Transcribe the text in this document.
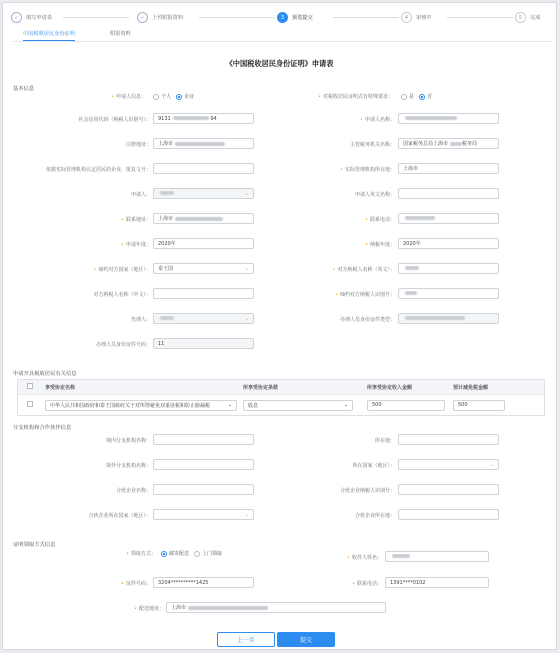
✓	填写申请表	✓	上传附报资料	3	预览提交	4	审核中	5	完成
中国税收居民身份证明	附报资料
《中国税收居民身份证明》申请表
基本信息
• 申请人信息：	个人	企业	• 对税收居民证明式有特殊要求：	是	否
社会信用代码（纳税人识别号）： 9131	94	• 申请人名称：
注册地址： 上海市	主管税务机关名称： 国家税务总局上海市	税务局
依据实际管理机构认定居民的企业，批复文号：	• 实际管理机构所在地： 上海市
申请人：	⌄	申请人英文名称：
• 联系地址： 上海市	• 联系电话：
• 申请年度： 2020年	• 纳税年度： 2020年
• 缔约对方国家（地区）： 泰王国	⌄	• 对方纳税人名称（英文）：
对方纳税人名称（中文）：	• 缔约对方纳税人识别号：
代理人：	⌄	办理人员身份证件类型：
办理人员身份证件号码： 11
申请开具税收居民有关信息
享受协定名称	所享受协定条款	所享受协定收入金额	预计减免税金额
中华人民共和国政府和泰王国政府关于对所得避免双重征税和防止偷漏税	⌄	股息	⌄	500	500
分支机构和合作伙伴信息
境内分支机构名称：	所在地：
境外分支机构名称：	所在国家（地区）：	⌄
合伙企业名称：	合伙企业纳税人识别号：
合伙企业所在国家（地区）：	⌄	合伙企业所在地：
证明领取方式信息
• 领取方式：	邮寄配送	上门领取
• 收件人姓名：
• 证件号码： 3204**********1425	• 联系电话： 1391****0102
• 配送地址： 上海市
上一步	提交
